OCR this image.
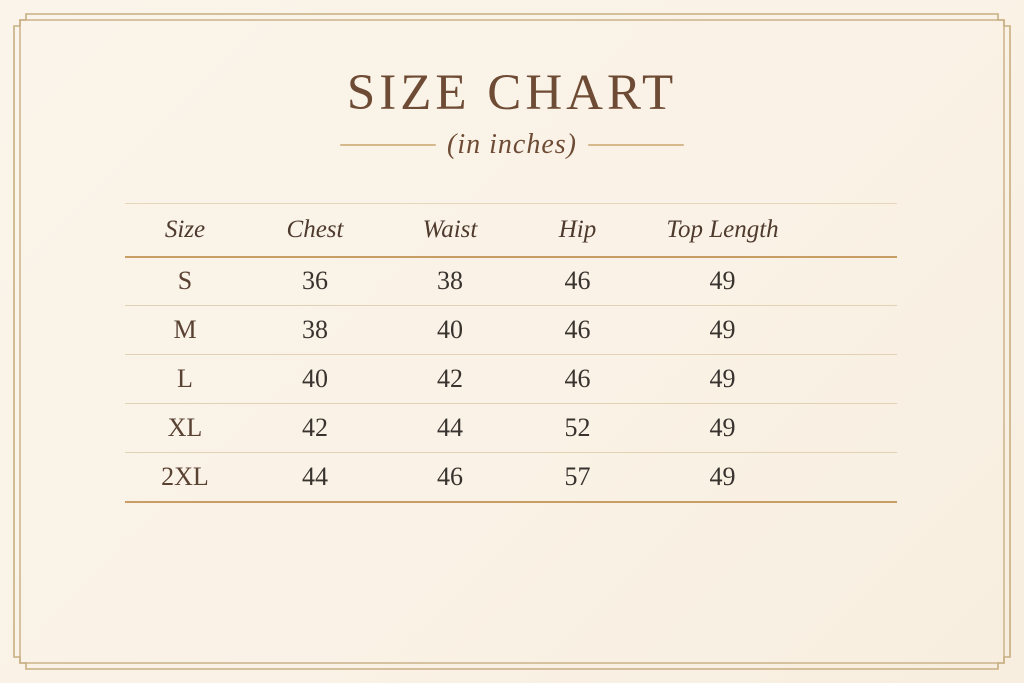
SIZE CHART
(in inches)
Size	Chest	Waist	Hip	Top Length
S	36	38	46	49
M	38	40	46	49
L	40	42	46	49
XL	42	44	52	49
2XL	44	46	57	49
